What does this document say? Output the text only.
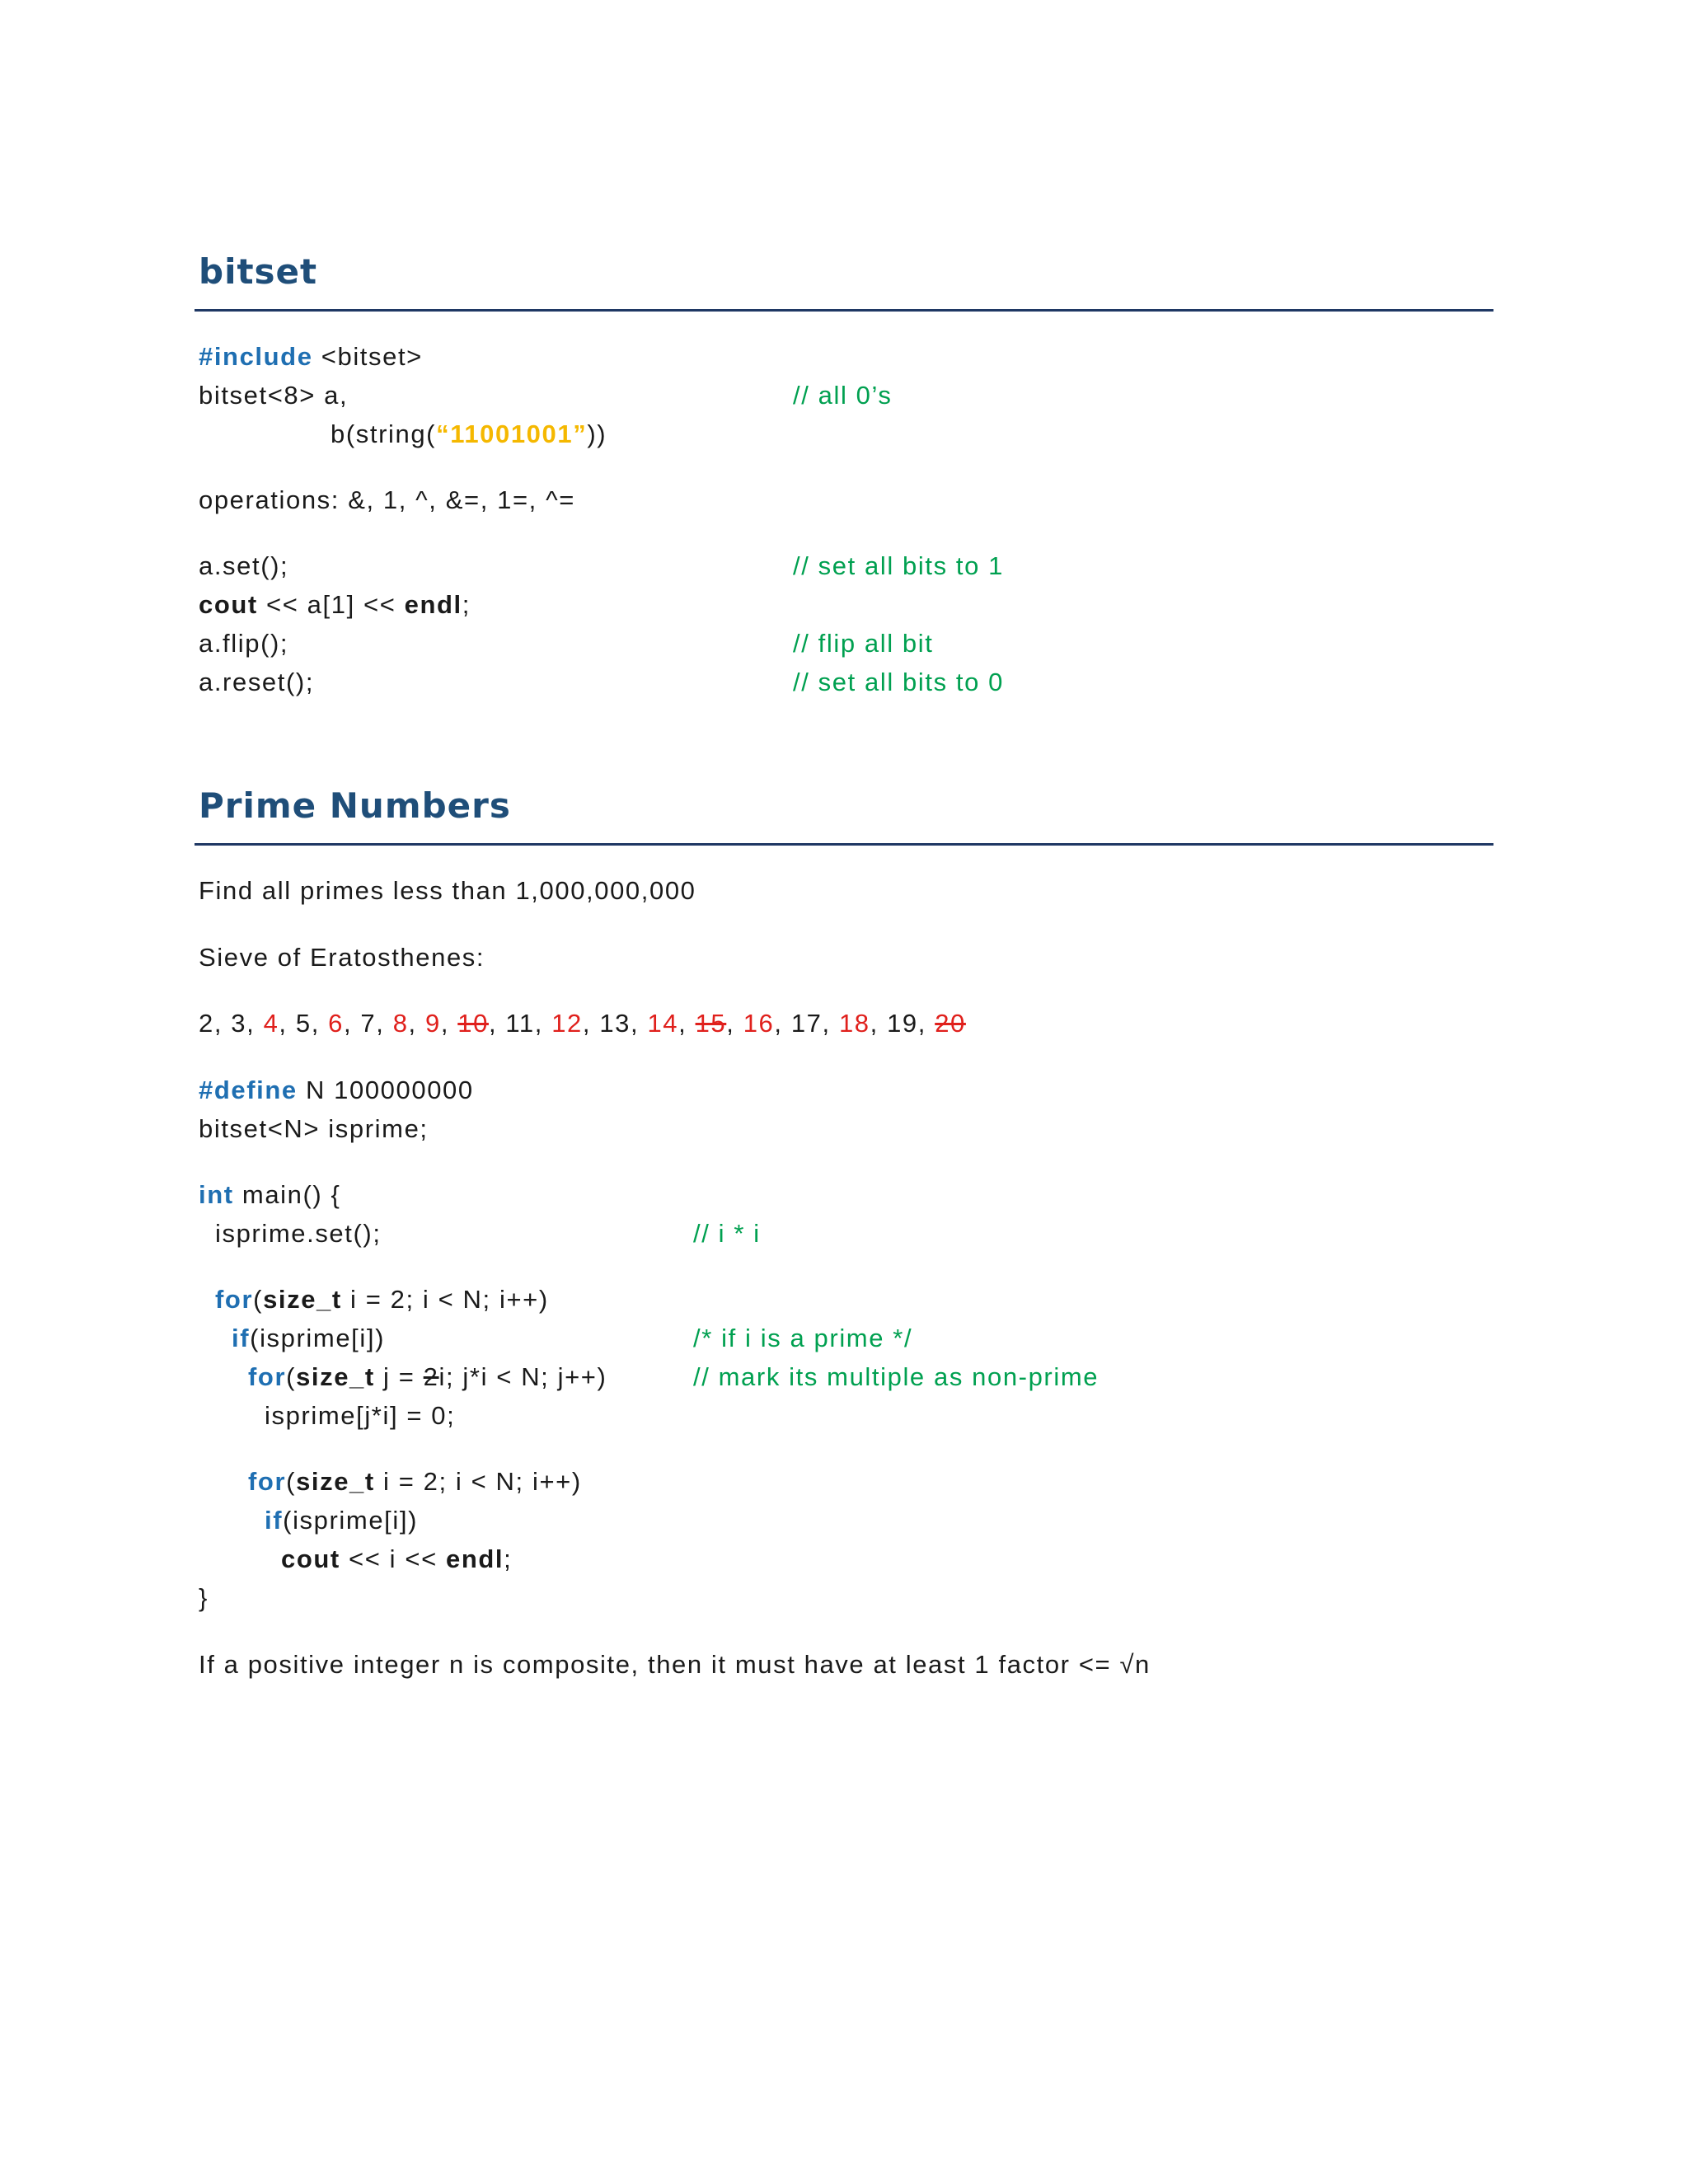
bitset
#include <bitset>
bitset<8> a,	// all 0’s
b(string(“11001001”))
operations: &, 1, ^, &=, 1=, ^=
a.set();	// set all bits to 1
cout << a[1] << endl;
a.flip();	// flip all bit
a.reset();	// set all bits to 0
Prime Numbers
Find all primes less than 1,000,000,000
Sieve of Eratosthenes:
2, 3, 4, 5, 6, 7, 8, 9, 10, 11, 12, 13, 14, 15, 16, 17, 18, 19, 20
#define N 100000000
bitset<N> isprime;
int main() {
isprime.set();	// i * i
for(size_t i = 2; i < N; i++)
if(isprime[i])	/* if i is a prime */
for(size_t j = 2i; j*i < N; j++)	// mark its multiple as non-prime
isprime[j*i] = 0;
for(size_t i = 2; i < N; i++)
if(isprime[i])
cout << i << endl;
}
If a positive integer n is composite, then it must have at least 1 factor <= √n
